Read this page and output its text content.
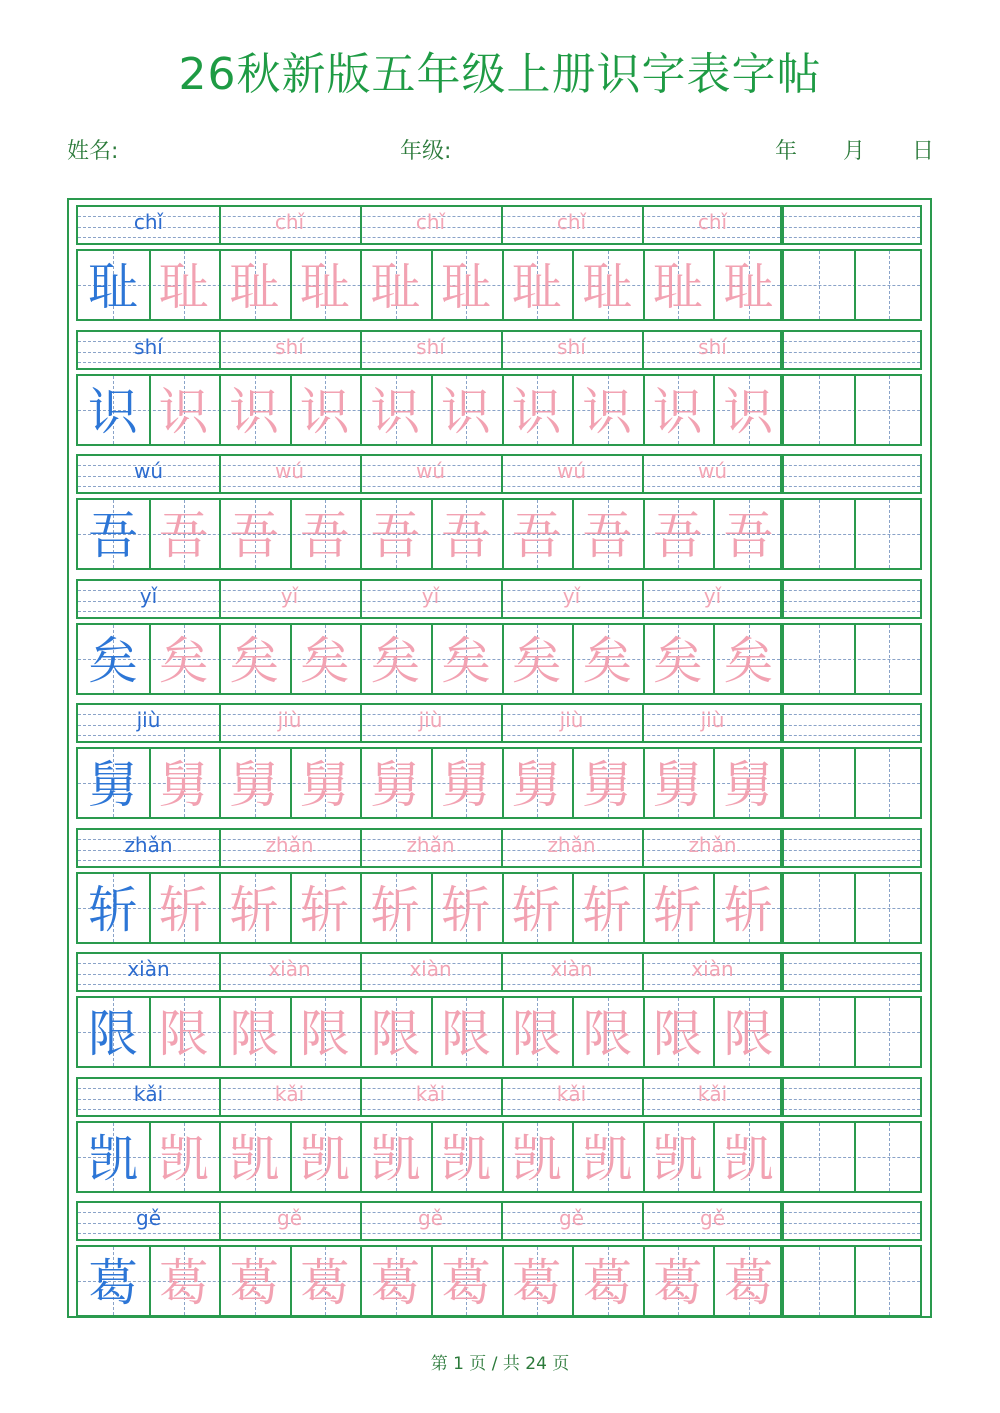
26秋新版五年级上册识字表字帖
姓名:	年级:	年 月 日
chǐ	chǐ	chǐ	chǐ	chǐ
耻 耻 耻 耻 耻 耻 耻 耻 耻 耻
shí	shí	shí	shí	shí
识 识 识 识 识 识 识 识 识 识
wú	wú	wú	wú	wú
吾 吾 吾 吾 吾 吾 吾 吾 吾 吾
yǐ	yǐ	yǐ	yǐ	yǐ
矣 矣 矣 矣 矣 矣 矣 矣 矣 矣
jiù	jiù	jiù	jiù	jiù
舅 舅 舅 舅 舅 舅 舅 舅 舅 舅
zhǎn	zhǎn	zhǎn	zhǎn	zhǎn
斩 斩 斩 斩 斩 斩 斩 斩 斩 斩
xiàn	xiàn	xiàn	xiàn	xiàn
限 限 限 限 限 限 限 限 限 限
kǎi	kǎi	kǎi	kǎi	kǎi
凯 凯 凯 凯 凯 凯 凯 凯 凯 凯
gě	gě	gě	gě	gě
葛 葛 葛 葛 葛 葛 葛 葛 葛 葛
第 1 页 / 共 24 页
